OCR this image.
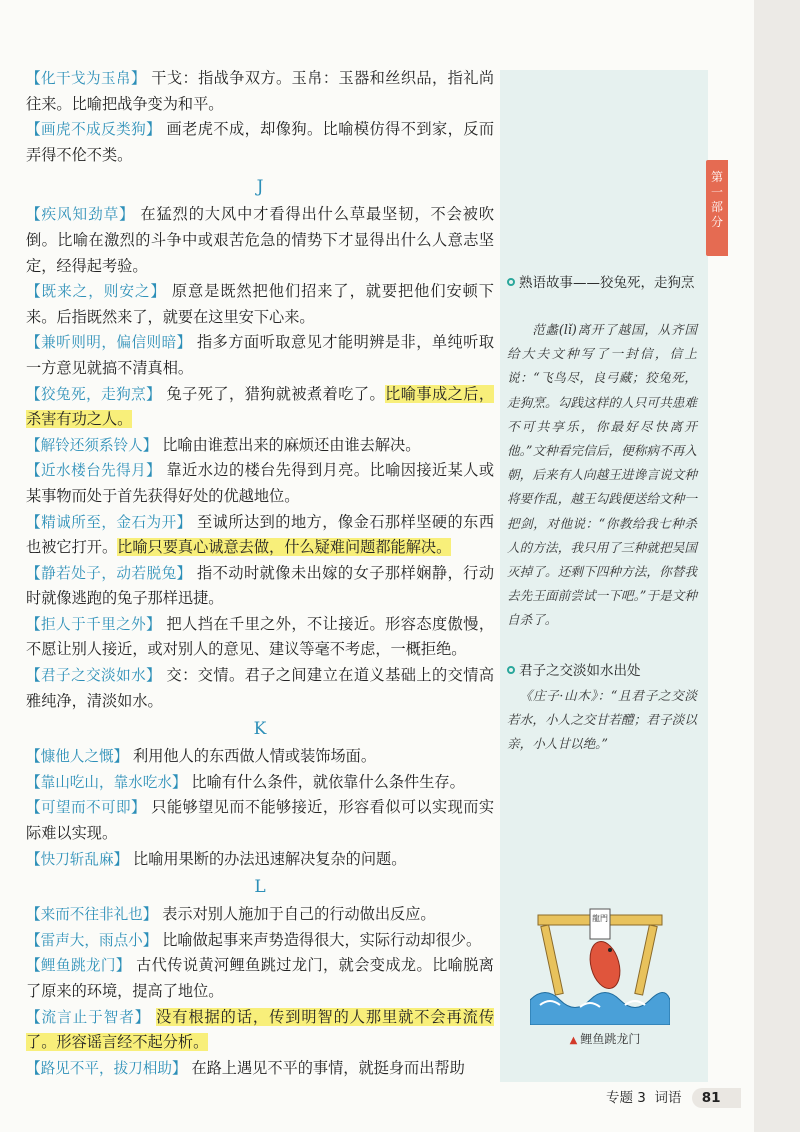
第
一
部
分

【化干戈为玉帛】 干戈：指战争双方。玉帛：玉器和丝织品，指礼尚往来。比喻把战争变为和平。

【画虎不成反类狗】 画老虎不成，却像狗。比喻模仿得不到家，反而弄得不伦不类。

J

【疾风知劲草】 在猛烈的大风中才看得出什么草最坚韧，不会被吹倒。比喻在激烈的斗争中或艰苦危急的情势下才显得出什么人意志坚定，经得起考验。

【既来之，则安之】 原意是既然把他们招来了，就要把他们安顿下来。后指既然来了，就要在这里安下心来。

【兼听则明，偏信则暗】 指多方面听取意见才能明辨是非，单纯听取一方意见就搞不清真相。

【狡兔死，走狗烹】 兔子死了，猎狗就被煮着吃了。比喻事成之后，杀害有功之人。

【解铃还须系铃人】 比喻由谁惹出来的麻烦还由谁去解决。

【近水楼台先得月】 靠近水边的楼台先得到月亮。比喻因接近某人或某事物而处于首先获得好处的优越地位。

【精诚所至，金石为开】 至诚所达到的地方，像金石那样坚硬的东西也被它打开。比喻只要真心诚意去做，什么疑难问题都能解决。

【静若处子，动若脱兔】 指不动时就像未出嫁的女子那样娴静，行动时就像逃跑的兔子那样迅捷。

【拒人于千里之外】 把人挡在千里之外，不让接近。形容态度傲慢，不愿让别人接近，或对别人的意见、建议等毫不考虑，一概拒绝。

【君子之交淡如水】 交：交情。君子之间建立在道义基础上的交情高雅纯净，清淡如水。

K

【慷他人之慨】 利用他人的东西做人情或装饰场面。

【靠山吃山，靠水吃水】 比喻有什么条件，就依靠什么条件生存。

【可望而不可即】 只能够望见而不能够接近，形容看似可以实现而实际难以实现。

【快刀斩乱麻】 比喻用果断的办法迅速解决复杂的问题。

L

【来而不往非礼也】 表示对别人施加于自己的行动做出反应。

【雷声大，雨点小】 比喻做起事来声势造得很大，实际行动却很少。

【鲤鱼跳龙门】 古代传说黄河鲤鱼跳过龙门，就会变成龙。比喻脱离了原来的环境，提高了地位。

【流言止于智者】 没有根据的话，传到明智的人那里就不会再流传了。形容谣言经不起分析。

【路见不平，拔刀相助】 在路上遇见不平的事情，就挺身而出帮助

熟语故事——狡兔死，走狗烹
范蠡(lǐ)离开了越国，从齐国给大夫文种写了一封信，信上说：“飞鸟尽，良弓藏；狡兔死，走狗烹。勾践这样的人只可共患难不可共享乐，你最好尽快离开他。”文种看完信后，便称病不再入朝，后来有人向越王进谗言说文种将要作乱，越王勾践便送给文种一把剑，对他说：“你教给我七种杀人的方法，我只用了三种就把吴国灭掉了。还剩下四种方法，你替我去先王面前尝试一下吧。”于是文种自杀了。
君子之交淡如水出处
《庄子·山木》：“且君子之交淡若水，小人之交甘若醴；君子淡以亲，小人甘以绝。”
龍門
▲ 鲤鱼跳龙门
专题 3 词语 81
